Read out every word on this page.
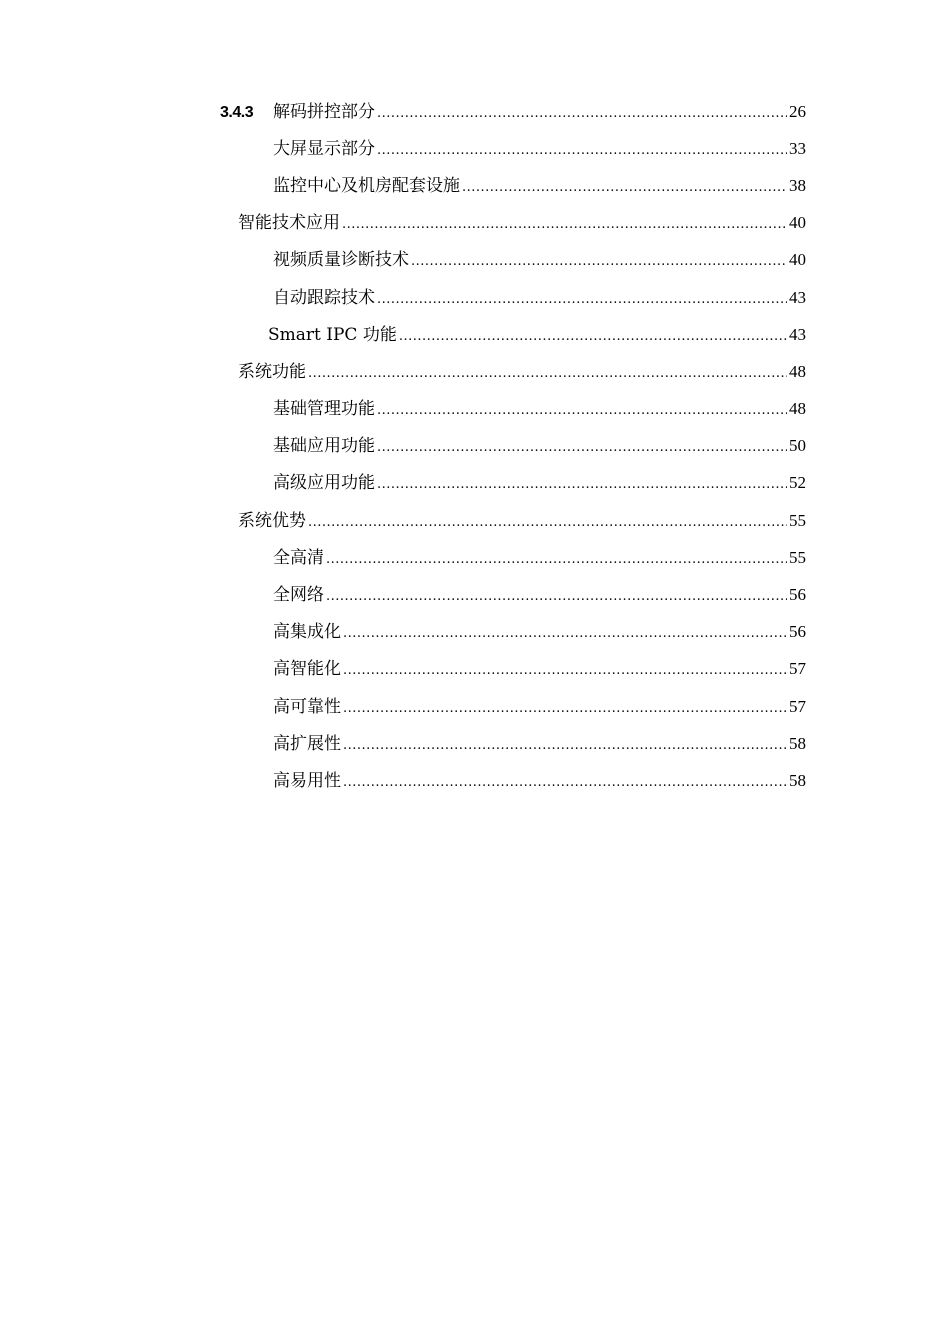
3.4.3 解码拼控部分 .....	26
大屏显示部分 .....	33
监控中心及机房配套设施 .....	38
智能技术应用 .....	40
视频质量诊断技术 .....	40
自动跟踪技术 .....	43
Smart IPC 功能 .....	43
系统功能 .....	48
基础管理功能 .....	48
基础应用功能 .....	50
高级应用功能 .....	52
系统优势 .....	55
全高清 .....	55
全网络 .....	56
高集成化 .....	56
高智能化 .....	57
高可靠性 .....	57
高扩展性 .....	58
高易用性 .....	58
